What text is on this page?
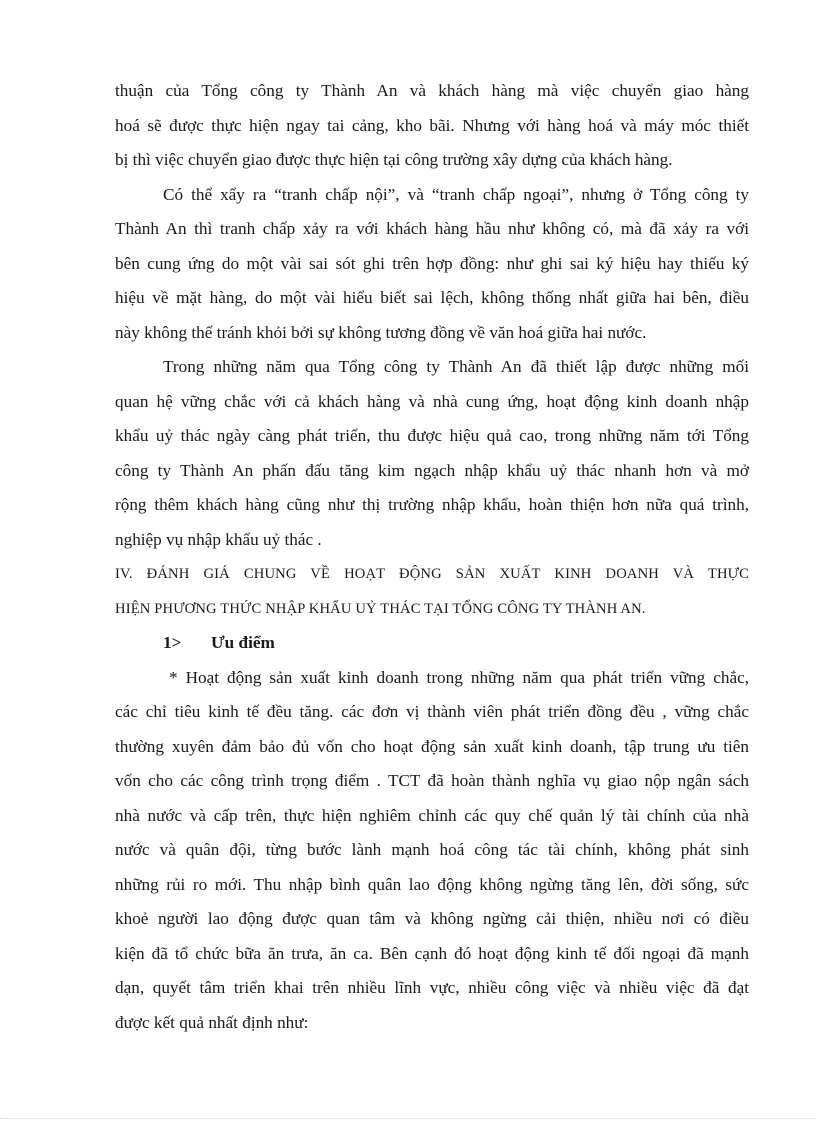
thuận của Tổng công ty Thành An và khách hàng mà việc chuyển giao hàng
hoá sẽ được thực hiện ngay tai cảng, kho bãi. Nhưng với hàng hoá và máy móc thiết
bị thì việc chuyển giao được thực hiện tại công trường xây dựng của khách hàng.
Có thể xẩy ra “tranh chấp nội”, và “tranh chấp ngoại”, nhưng ở Tổng công ty
Thành An thì tranh chấp xảy ra với khách hàng hầu như không có, mà đã xảy ra với
bên cung ứng do một vài sai sót ghi trên hợp đồng: như ghi sai ký hiệu hay thiếu ký
hiệu về mặt hàng, do một vài hiểu biết sai lệch, không thống nhất giữa hai bên, điều
này không thể tránh khỏi bởi sự không tương đồng về văn hoá giữa hai nước.
Trong những năm qua Tổng công ty Thành An đã thiết lập được những mối
quan hệ vững chắc với cả khách hàng và nhà cung ứng, hoạt động kinh doanh nhập
khẩu uỷ thác ngày càng phát triển, thu được hiệu quả cao, trong những năm tới Tổng
công ty Thành An phấn đấu tăng kim ngạch nhập khẩu uỷ thác nhanh hơn và mở
rộng thêm khách hàng cũng như thị trường nhập khẩu, hoàn thiện hơn nữa quá trình,
nghiệp vụ nhập khẩu uỷ thác .
IV. ĐÁNH GIÁ CHUNG VỀ HOẠT ĐỘNG SẢN XUẤT KINH DOANH VÀ THỰC
HIỆN PHƯƠNG THỨC NHẬP KHẨU UỶ THÁC TẠI TỔNG CÔNG TY THÀNH AN.
1>	Ưu điểm
* Hoạt động sản xuất kinh doanh trong những năm qua phát triển vững chắc,
các chỉ tiêu kinh tế đều tăng. các đơn vị thành viên phát triển đồng đều , vững chắc
thường xuyên đảm bảo đủ vốn cho hoạt động sản xuất kinh doanh, tập trung ưu tiên
vốn cho các công trình trọng điểm . TCT đã hoàn thành nghĩa vụ giao nộp ngân sách
nhà nước và cấp trên, thực hiện nghiêm chỉnh các quy chế quản lý tài chính của nhà
nước và quân đội, từng bước lành mạnh hoá công tác tài chính, không phát sinh
những rủi ro mới. Thu nhập bình quân lao động không ngừng tăng lên, đời sống, sức
khoẻ người lao động được quan tâm và không ngừng cải thiện, nhiều nơi có điều
kiện đã tổ chức bữa ăn trưa, ăn ca. Bên cạnh đó hoạt động kinh tế đối ngoại đã mạnh
dạn, quyết tâm triển khai trên nhiều lĩnh vực, nhiều công việc và nhiều việc đã đạt
được kết quả nhất định như:
